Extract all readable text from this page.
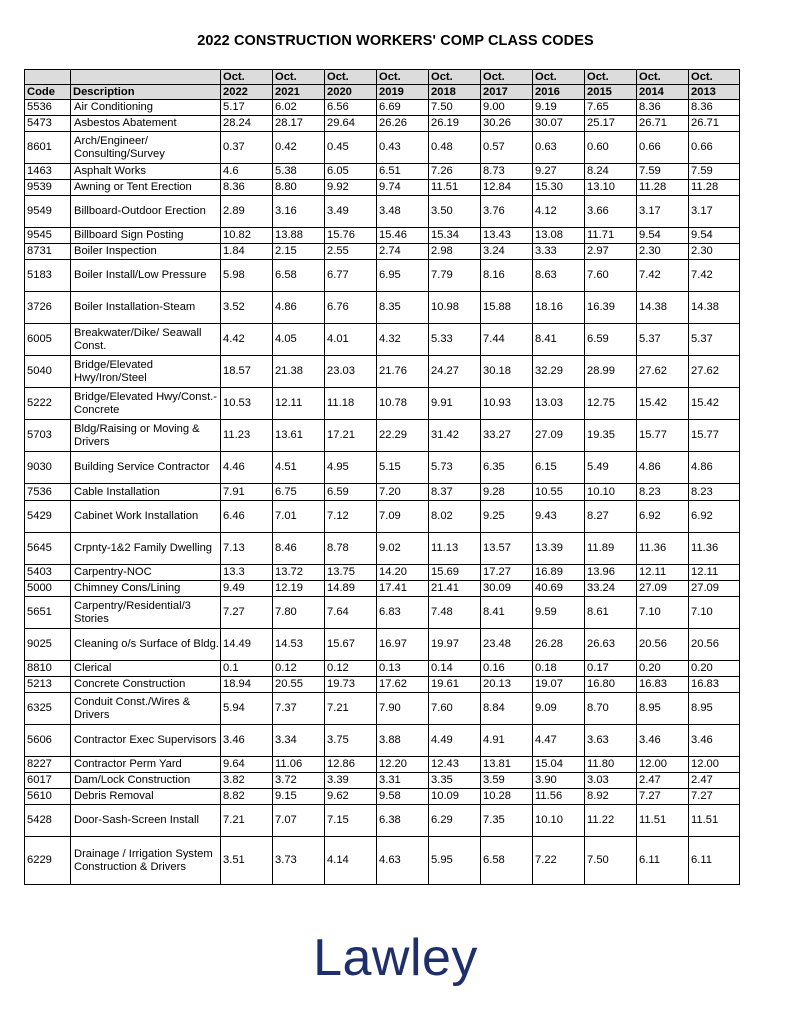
2022 CONSTRUCTION WORKERS' COMP CLASS CODES
		Oct.	Oct.	Oct.	Oct.	Oct.	Oct.	Oct.	Oct.	Oct.	Oct.
Code	Description	2022	2021	2020	2019	2018	2017	2016	2015	2014	2013
5536	Air Conditioning	5.17	6.02	6.56	6.69	7.50	9.00	9.19	7.65	8.36	8.36
5473	Asbestos Abatement	28.24	28.17	29.64	26.26	26.19	30.26	30.07	25.17	26.71	26.71
8601	Arch/Engineer/ Consulting/Survey	0.37	0.42	0.45	0.43	0.48	0.57	0.63	0.60	0.66	0.66
1463	Asphalt Works	4.6	5.38	6.05	6.51	7.26	8.73	9.27	8.24	7.59	7.59
9539	Awning or Tent Erection	8.36	8.80	9.92	9.74	11.51	12.84	15.30	13.10	11.28	11.28
9549	Billboard-Outdoor Erection	2.89	3.16	3.49	3.48	3.50	3.76	4.12	3.66	3.17	3.17
9545	Billboard Sign Posting	10.82	13.88	15.76	15.46	15.34	13.43	13.08	11.71	9.54	9.54
8731	Boiler Inspection	1.84	2.15	2.55	2.74	2.98	3.24	3.33	2.97	2.30	2.30
5183	Boiler Install/Low Pressure	5.98	6.58	6.77	6.95	7.79	8.16	8.63	7.60	7.42	7.42
3726	Boiler Installation-Steam	3.52	4.86	6.76	8.35	10.98	15.88	18.16	16.39	14.38	14.38
6005	Breakwater/Dike/ Seawall Const.	4.42	4.05	4.01	4.32	5.33	7.44	8.41	6.59	5.37	5.37
5040	Bridge/Elevated Hwy/Iron/Steel	18.57	21.38	23.03	21.76	24.27	30.18	32.29	28.99	27.62	27.62
5222	Bridge/Elevated Hwy/Const.- Concrete	10.53	12.11	11.18	10.78	9.91	10.93	13.03	12.75	15.42	15.42
5703	Bldg/Raising or Moving & Drivers	11.23	13.61	17.21	22.29	31.42	33.27	27.09	19.35	15.77	15.77
9030	Building Service Contractor	4.46	4.51	4.95	5.15	5.73	6.35	6.15	5.49	4.86	4.86
7536	Cable Installation	7.91	6.75	6.59	7.20	8.37	9.28	10.55	10.10	8.23	8.23
5429	Cabinet Work Installation	6.46	7.01	7.12	7.09	8.02	9.25	9.43	8.27	6.92	6.92
5645	Crpnty-1&2 Family Dwelling	7.13	8.46	8.78	9.02	11.13	13.57	13.39	11.89	11.36	11.36
5403	Carpentry-NOC	13.3	13.72	13.75	14.20	15.69	17.27	16.89	13.96	12.11	12.11
5000	Chimney Cons/Lining	9.49	12.19	14.89	17.41	21.41	30.09	40.69	33.24	27.09	27.09
5651	Carpentry/Residential/3 Stories	7.27	7.80	7.64	6.83	7.48	8.41	9.59	8.61	7.10	7.10
9025	Cleaning o/s Surface of Bldg.	14.49	14.53	15.67	16.97	19.97	23.48	26.28	26.63	20.56	20.56
8810	Clerical	0.1	0.12	0.12	0.13	0.14	0.16	0.18	0.17	0.20	0.20
5213	Concrete Construction	18.94	20.55	19.73	17.62	19.61	20.13	19.07	16.80	16.83	16.83
6325	Conduit Const./Wires & Drivers	5.94	7.37	7.21	7.90	7.60	8.84	9.09	8.70	8.95	8.95
5606	Contractor Exec Supervisors	3.46	3.34	3.75	3.88	4.49	4.91	4.47	3.63	3.46	3.46
8227	Contractor Perm Yard	9.64	11.06	12.86	12.20	12.43	13.81	15.04	11.80	12.00	12.00
6017	Dam/Lock Construction	3.82	3.72	3.39	3.31	3.35	3.59	3.90	3.03	2.47	2.47
5610	Debris Removal	8.82	9.15	9.62	9.58	10.09	10.28	11.56	8.92	7.27	7.27
5428	Door-Sash-Screen Install	7.21	7.07	7.15	6.38	6.29	7.35	10.10	11.22	11.51	11.51
6229	Drainage / Irrigation System Construction & Drivers	3.51	3.73	4.14	4.63	5.95	6.58	7.22	7.50	6.11	6.11
Lawley
